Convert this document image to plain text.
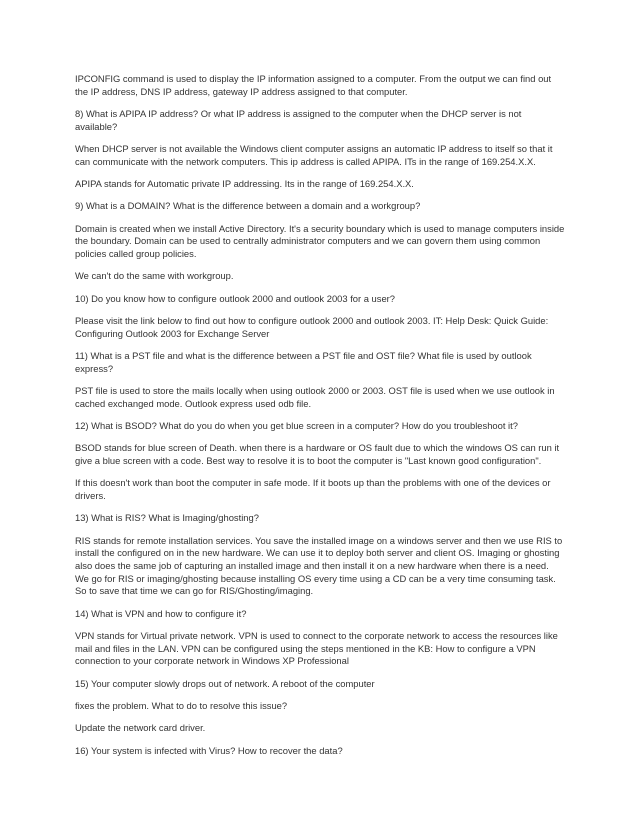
IPCONFIG command is used to display the IP information assigned to a computer. From the output we can find out the IP address, DNS IP address, gateway IP address assigned to that computer.

8) What is APIPA IP address? Or what IP address is assigned to the computer when the DHCP server is not available?

When DHCP server is not available the Windows client computer assigns an automatic IP address to itself so that it can communicate with the network computers. This ip address is called APIPA. ITs in the range of 169.254.X.X.

APIPA stands for Automatic private IP addressing. Its in the range of 169.254.X.X.

9) What is a DOMAIN? What is the difference between a domain and a workgroup?

Domain is created when we install Active Directory. It's a security boundary which is used to manage computers inside the boundary. Domain can be used to centrally administrator computers and we can govern them using common policies called group policies.

We can't do the same with workgroup.

10) Do you know how to configure outlook 2000 and outlook 2003 for a user?

Please visit the link below to find out how to configure outlook 2000 and outlook 2003. IT: Help Desk: Quick Guide: Configuring Outlook 2003 for Exchange Server

11) What is a PST file and what is the difference between a PST file and OST file? What file is used by outlook express?

PST file is used to store the mails locally when using outlook 2000 or 2003. OST file is used when we use outlook in cached exchanged mode. Outlook express used odb file.

12) What is BSOD? What do you do when you get blue screen in a computer? How do you troubleshoot it?

BSOD stands for blue screen of Death. when there is a hardware or OS fault due to which the windows OS can run it give a blue screen with a code. Best way to resolve it is to boot the computer is "Last known good configuration".

If this doesn't work than boot the computer in safe mode. If it boots up than the problems with one of the devices or drivers.

13) What is RIS? What is Imaging/ghosting?

RIS stands for remote installation services. You save the installed image on a windows server and then we use RIS to install the configured on in the new hardware. We can use it to deploy both server and client OS. Imaging or ghosting also does the same job of capturing an installed image and then install it on a new hardware when there is a need. We go for RIS or imaging/ghosting because installing OS every time using a CD can be a very time consuming task. So to save that time we can go for RIS/Ghosting/imaging.

14) What is VPN and how to configure it?

VPN stands for Virtual private network. VPN is used to connect to the corporate network to access the resources like mail and files in the LAN. VPN can be configured using the steps mentioned in the KB: How to configure a VPN connection to your corporate network in Windows XP Professional

15) Your computer slowly drops out of network. A reboot of the computer

fixes the problem. What to do to resolve this issue?

Update the network card driver.

16) Your system is infected with Virus? How to recover the data?
